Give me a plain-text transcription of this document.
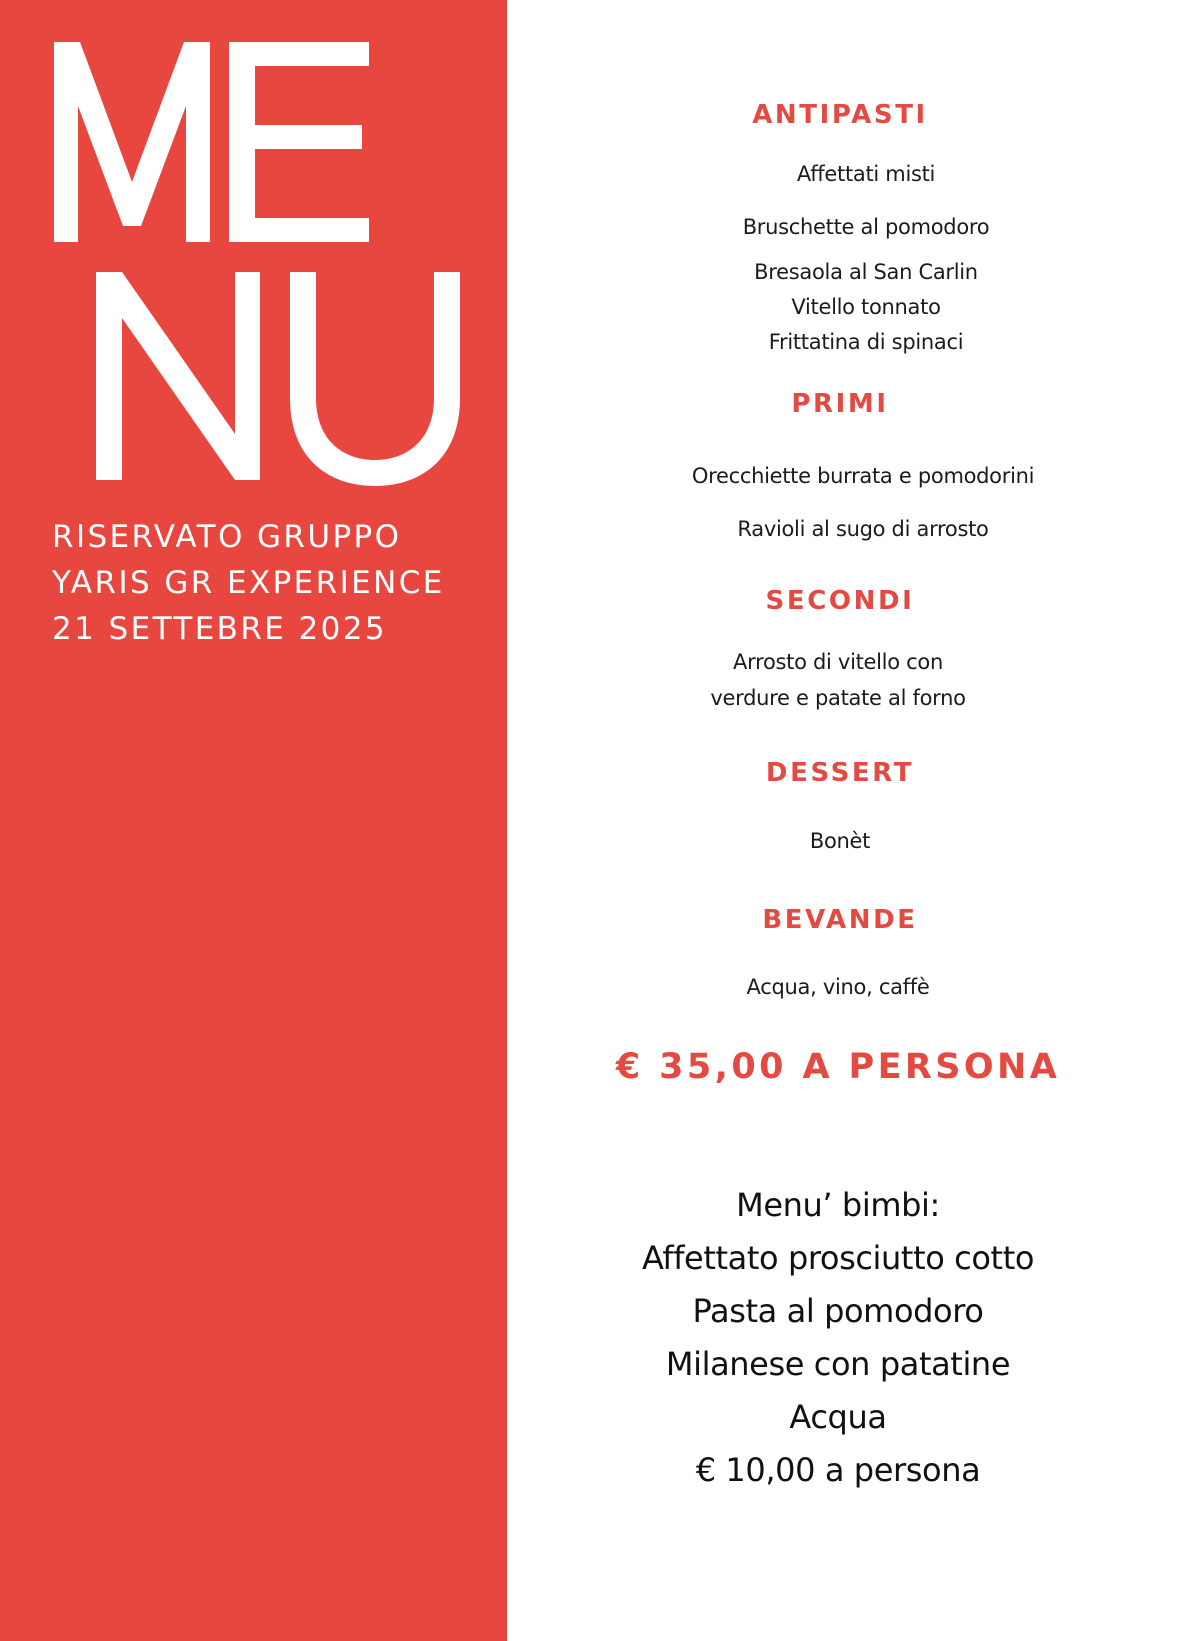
RISERVATO GRUPPO
YARIS GR EXPERIENCE
21 SETTEBRE 2025
ANTIPASTI
Affettati misti
Bruschette al pomodoro
Bresaola al San Carlin
Vitello tonnato
Frittatina di spinaci
PRIMI
Orecchiette burrata e pomodorini
Ravioli al sugo di arrosto
SECONDI
Arrosto di vitello con
verdure e patate al forno
DESSERT
Bonèt
BEVANDE
Acqua, vino, caffè
€ 35,00 A PERSONA
Menu’ bimbi:
Affettato prosciutto cotto
Pasta al pomodoro
Milanese con patatine
Acqua
€ 10,00 a persona
